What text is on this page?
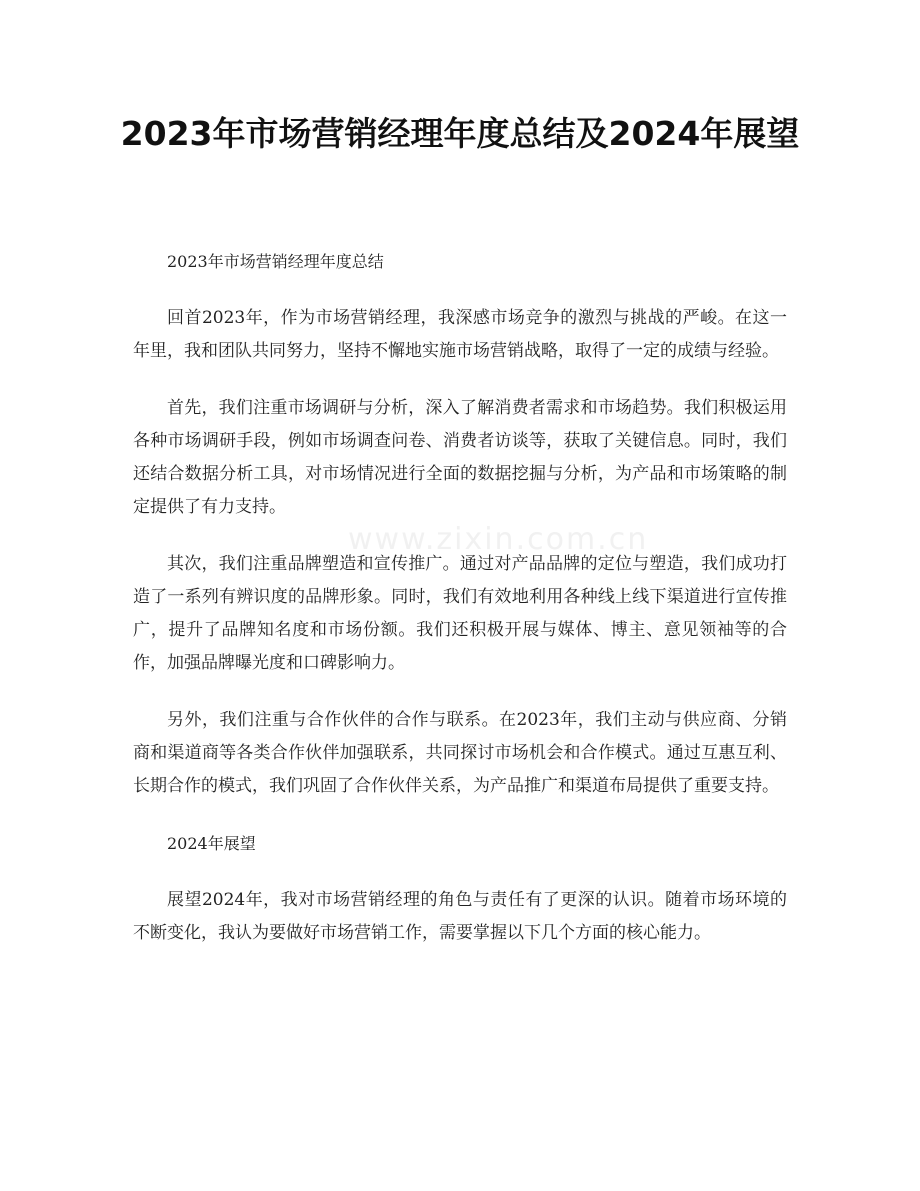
www.zixin.com.cn
2023年市场营销经理年度总结及2024年展望

2023年市场营销经理年度总结

回首2023年，作为市场营销经理，我深感市场竞争的激烈与挑战的严峻。在这一年里，我和团队共同努力，坚持不懈地实施市场营销战略，取得了一定的成绩与经验。

首先，我们注重市场调研与分析，深入了解消费者需求和市场趋势。我们积极运用各种市场调研手段，例如市场调查问卷、消费者访谈等，获取了关键信息。同时，我们还结合数据分析工具，对市场情况进行全面的数据挖掘与分析，为产品和市场策略的制定提供了有力支持。

其次，我们注重品牌塑造和宣传推广。通过对产品品牌的定位与塑造，我们成功打造了一系列有辨识度的品牌形象。同时，我们有效地利用各种线上线下渠道进行宣传推广，提升了品牌知名度和市场份额。我们还积极开展与媒体、博主、意见领袖等的合作，加强品牌曝光度和口碑影响力。

另外，我们注重与合作伙伴的合作与联系。在2023年，我们主动与供应商、分销商和渠道商等各类合作伙伴加强联系，共同探讨市场机会和合作模式。通过互惠互利、长期合作的模式，我们巩固了合作伙伴关系，为产品推广和渠道布局提供了重要支持。

2024年展望

展望2024年，我对市场营销经理的角色与责任有了更深的认识。随着市场环境的不断变化，我认为要做好市场营销工作，需要掌握以下几个方面的核心能力。
